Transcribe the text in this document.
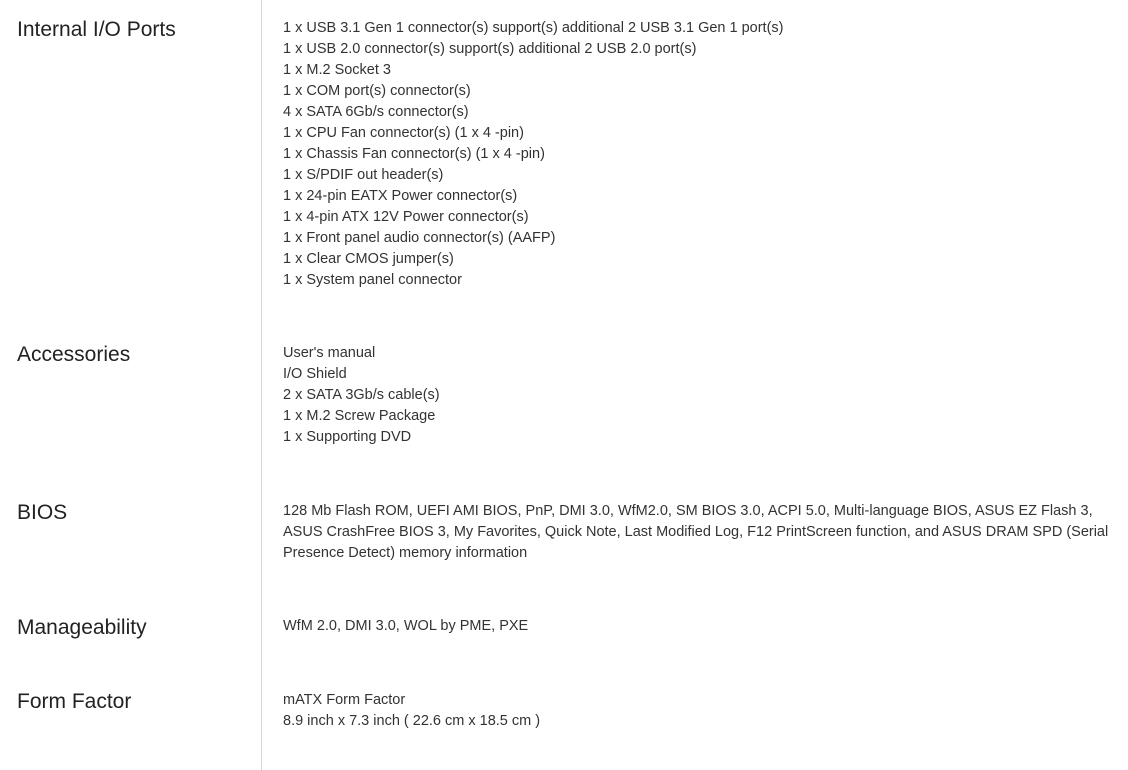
Internal I/O Ports	1 x USB 3.1 Gen 1 connector(s) support(s) additional 2 USB 3.1 Gen 1 port(s)
1 x USB 2.0 connector(s) support(s) additional 2 USB 2.0 port(s)
1 x M.2 Socket 3
1 x COM port(s) connector(s)
4 x SATA 6Gb/s connector(s)
1 x CPU Fan connector(s) (1 x 4 -pin)
1 x Chassis Fan connector(s) (1 x 4 -pin)
1 x S/PDIF out header(s)
1 x 24-pin EATX Power connector(s)
1 x 4-pin ATX 12V Power connector(s)
1 x Front panel audio connector(s) (AAFP)
1 x Clear CMOS jumper(s)
1 x System panel connector
Accessories	User's manual
I/O Shield
2 x SATA 3Gb/s cable(s)
1 x M.2 Screw Package
1 x Supporting DVD
BIOS	128 Mb Flash ROM, UEFI AMI BIOS, PnP, DMI 3.0, WfM2.0, SM BIOS 3.0, ACPI 5.0, Multi-language BIOS, ASUS EZ Flash 3, ASUS CrashFree BIOS 3, My Favorites, Quick Note, Last Modified Log, F12 PrintScreen function, and ASUS DRAM SPD (Serial Presence Detect) memory information
Manageability	WfM 2.0, DMI 3.0, WOL by PME, PXE
Form Factor	mATX Form Factor
8.9 inch x 7.3 inch ( 22.6 cm x 18.5 cm )
